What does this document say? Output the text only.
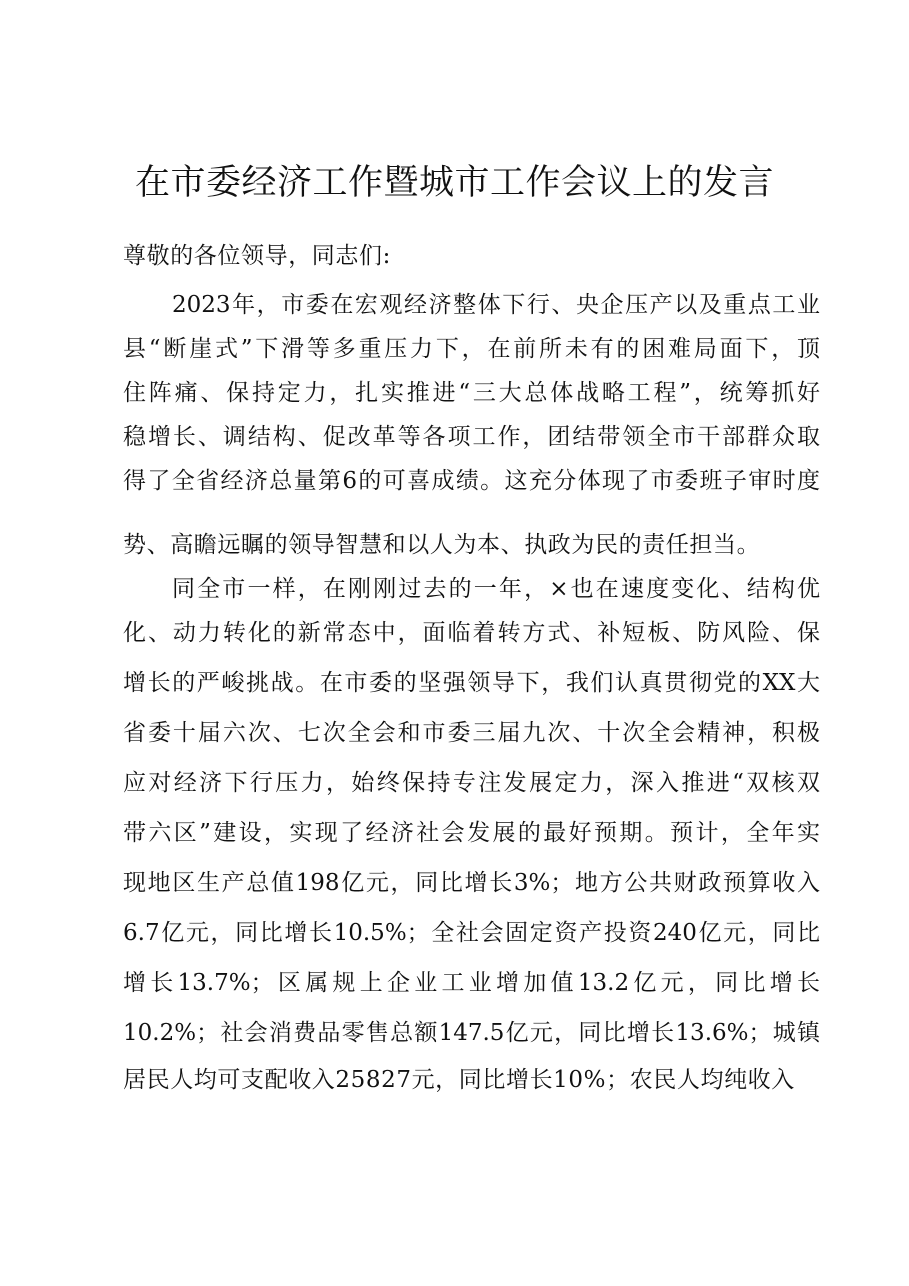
在市委经济工作暨城市工作会议上的发言
尊敬的各位领导，同志们:
2023年，市委在宏观经济整体下行、央企压产以及重点工业
县“断崖式”下滑等多重压力下，在前所未有的困难局面下，顶
住阵痛、保持定力，扎实推进“三大总体战略工程”，统筹抓好
稳增长、调结构、促改革等各项工作，团结带领全市干部群众取
得了全省经济总量第6的可喜成绩。这充分体现了市委班子审时度
势、高瞻远瞩的领导智慧和以人为本、执政为民的责任担当。
同全市一样，在刚刚过去的一年，×也在速度变化、结构优
化、动力转化的新常态中，面临着转方式、补短板、防风险、保
增长的严峻挑战。在市委的坚强领导下，我们认真贯彻党的XX大
省委十届六次、七次全会和市委三届九次、十次全会精神，积极
应对经济下行压力，始终保持专注发展定力，深入推进“双核双
带六区”建设，实现了经济社会发展的最好预期。预计，全年实
现地区生产总值198亿元，同比增长3%；地方公共财政预算收入
6.7亿元，同比增长10.5%；全社会固定资产投资240亿元，同比
增长13.7%；区属规上企业工业增加值13.2亿元，同比增长
10.2%；社会消费品零售总额147.5亿元，同比增长13.6%；城镇
居民人均可支配收入25827元，同比增长10%；农民人均纯收入
